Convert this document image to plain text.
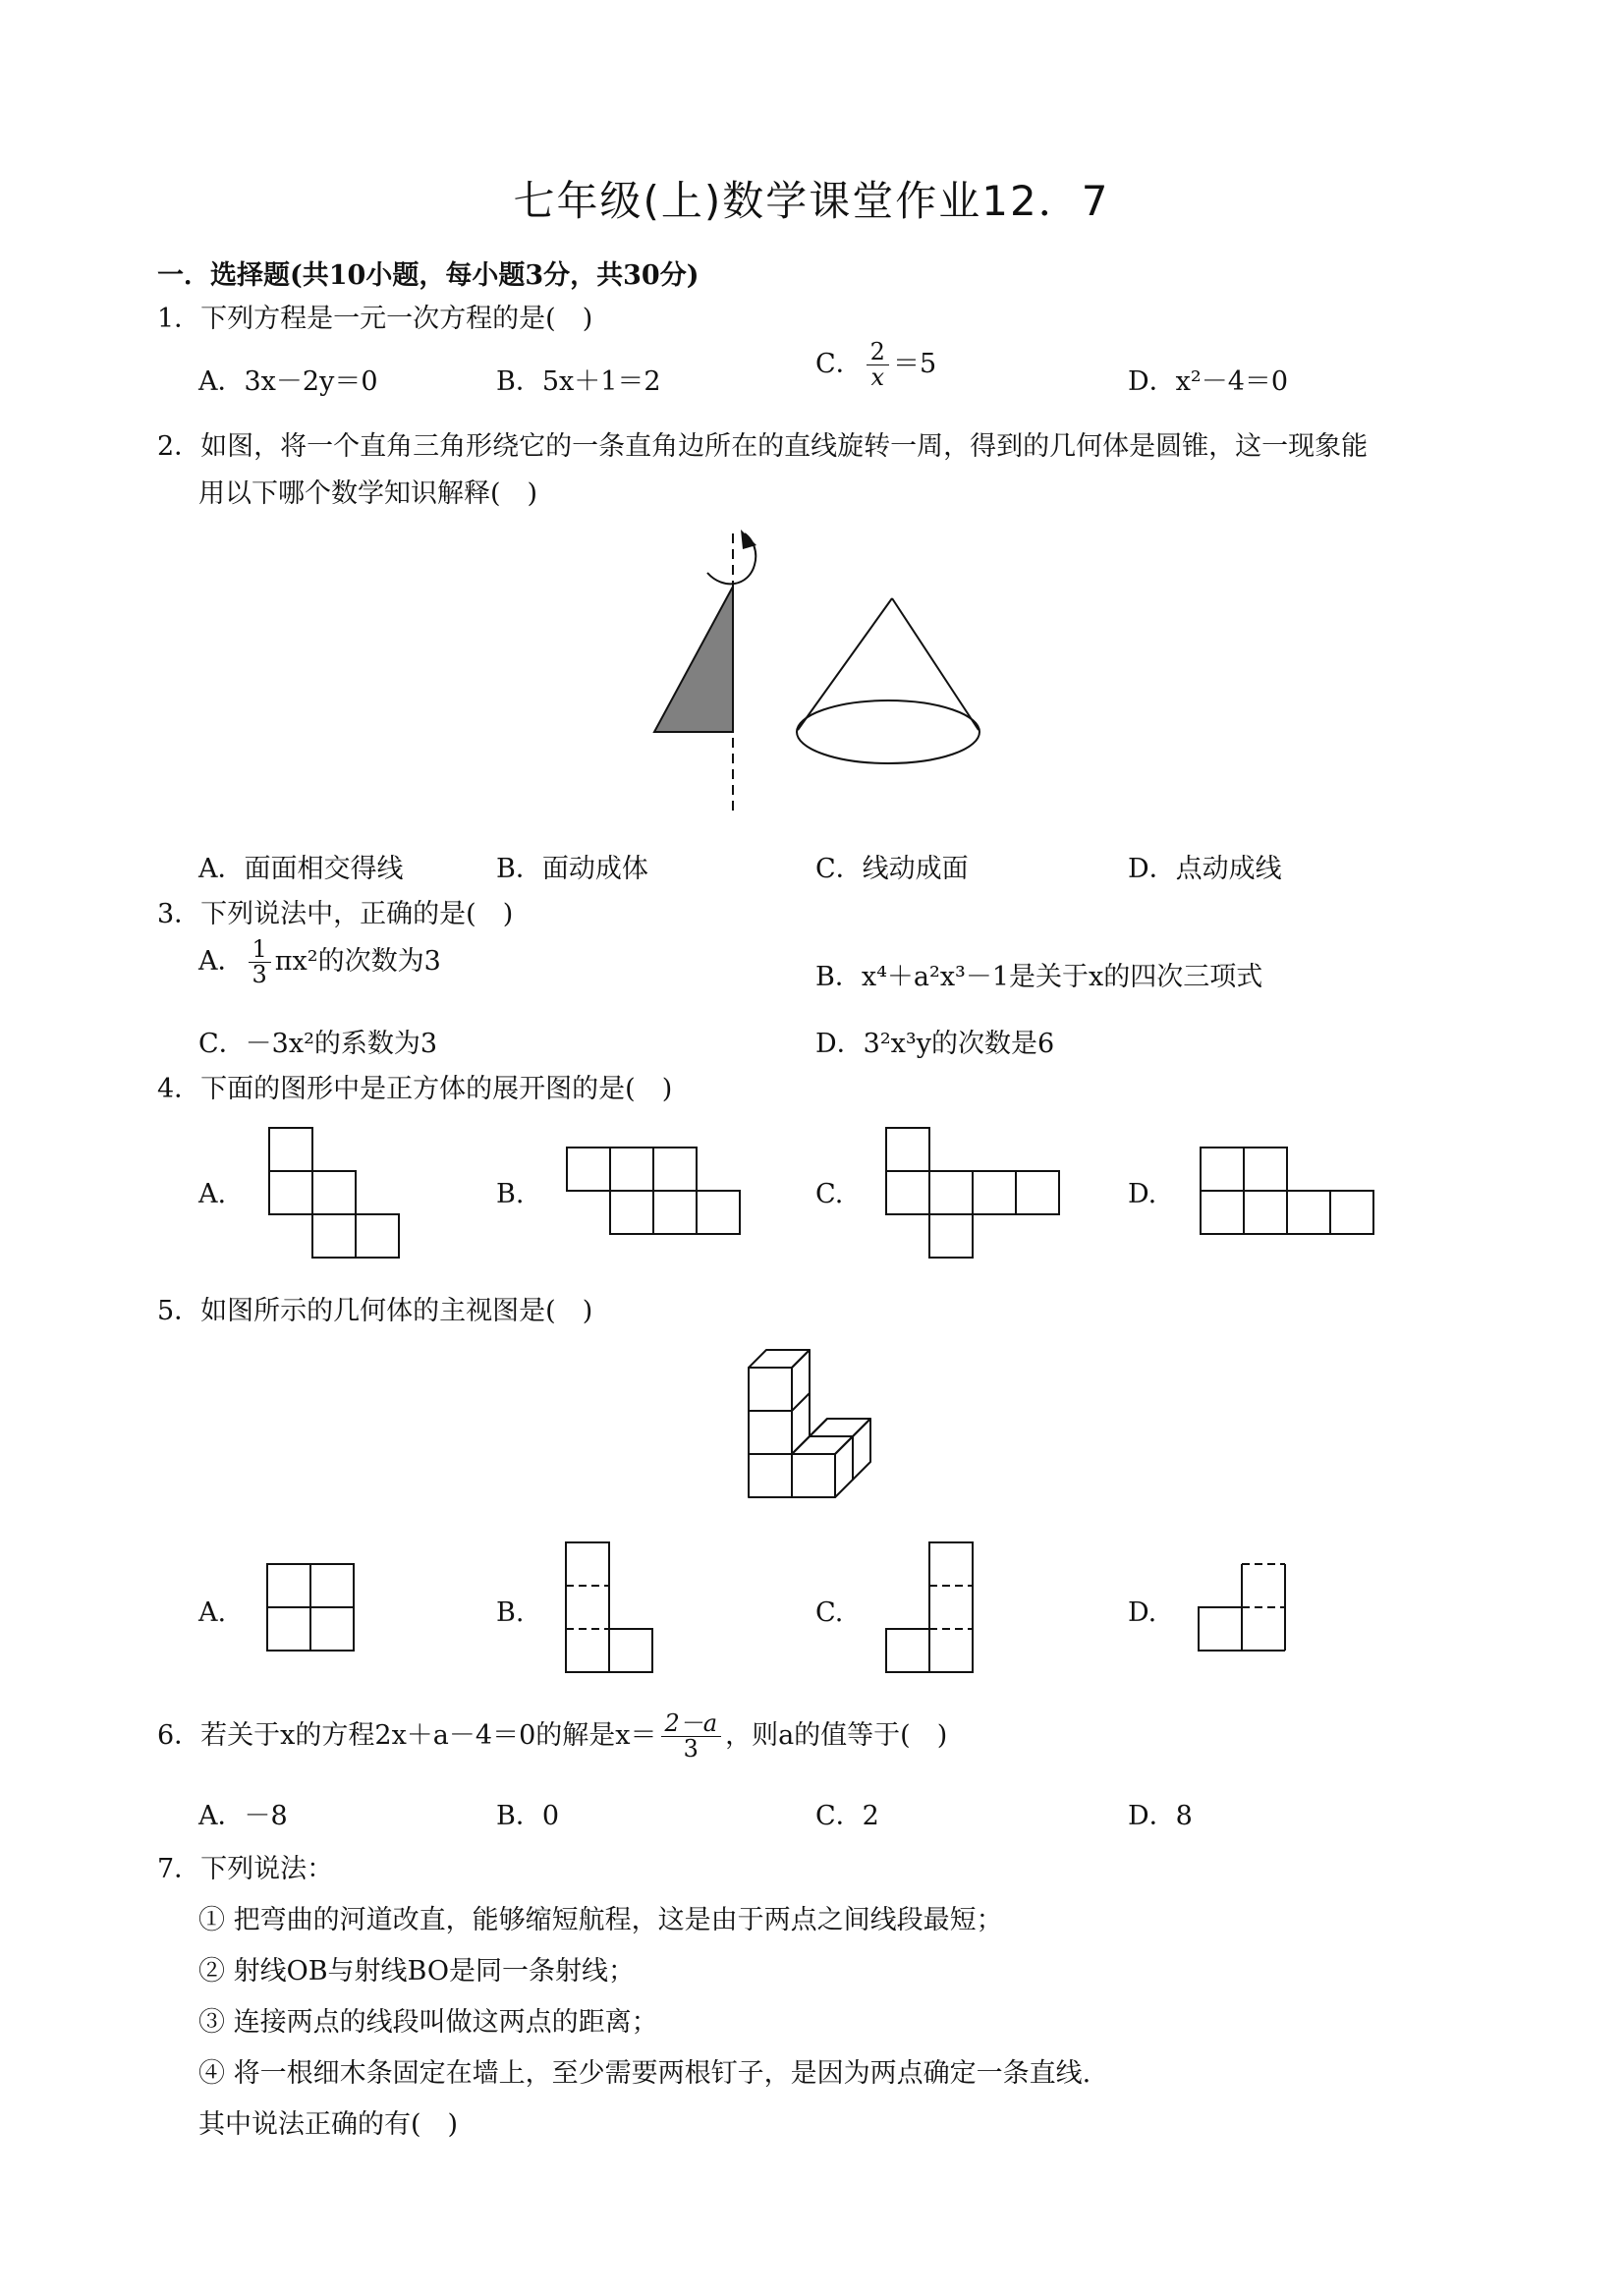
七年级(上)数学课堂作业12．7
一．选择题(共10小题，每小题3分，共30分)
1．下列方程是一元一次方程的是(　)
A．3x－2y＝0	B．5x＋1＝2
C． $\frac{2}{x} =5$
D．x²－4＝0
2．如图，将一个直角三角形绕它的一条直角边所在的直线旋转一周，得到的几何体是圆锥，这一现象能
用以下哪个数学知识解释(　)
A．面面相交得线	B．面动成体	C．线动成面	D．点动成线
3．下列说法中，正确的是(　)
A． $\frac{1}{3} \pi x^2$的次数为3
B．x⁴＋a²x³－1是关于x的四次三项式
C．－3x²的系数为3	D．3²x³y的次数是6
4．下面的图形中是正方体的展开图的是(　)
A.	B.	C.	D.
5．如图所示的几何体的主视图是(　)
A.	B.	C.	D.
6．若关于x的方程2x＋a－4＝0的解是$x= \frac{2-a}{3}$ ，则a的值等于(　)
A．－8	B．0	C．2	D．8
7．下列说法：
① 把弯曲的河道改直，能够缩短航程，这是由于两点之间线段最短；
② 射线OB与射线BO是同一条射线；
③ 连接两点的线段叫做这两点的距离；
④ 将一根细木条固定在墙上，至少需要两根钉子，是因为两点确定一条直线.
其中说法正确的有(　)
